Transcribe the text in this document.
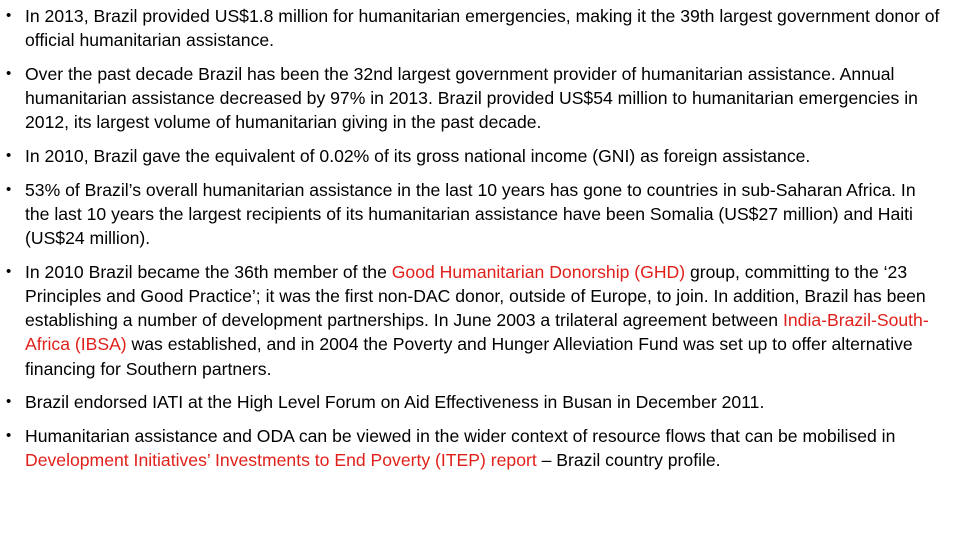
• In 2013, Brazil provided US$1.8 million for humanitarian emergencies, making it the 39th largest government donor of official humanitarian assistance.
• Over the past decade Brazil has been the 32nd largest government provider of humanitarian assistance. Annual humanitarian assistance decreased by 97% in 2013. Brazil provided US$54 million to humanitarian emergencies in 2012, its largest volume of humanitarian giving in the past decade.
• In 2010, Brazil gave the equivalent of 0.02% of its gross national income (GNI) as foreign assistance.
• 53% of Brazil’s overall humanitarian assistance in the last 10 years has gone to countries in sub-Saharan Africa. In the last 10 years the largest recipients of its humanitarian assistance have been Somalia (US$27 million) and Haiti (US$24 million).
• In 2010 Brazil became the 36th member of the Good Humanitarian Donorship (GHD) group, committing to the ‘23 Principles and Good Practice’; it was the first non-DAC donor, outside of Europe, to join. In addition, Brazil has been establishing a number of development partnerships. In June 2003 a trilateral agreement between India-Brazil-South-Africa (IBSA) was established, and in 2004 the Poverty and Hunger Alleviation Fund was set up to offer alternative financing for Southern partners.
• Brazil endorsed IATI at the High Level Forum on Aid Effectiveness in Busan in December 2011.
• Humanitarian assistance and ODA can be viewed in the wider context of resource flows that can be mobilised in Development Initiatives’ Investments to End Poverty (ITEP) report – Brazil country profile.
